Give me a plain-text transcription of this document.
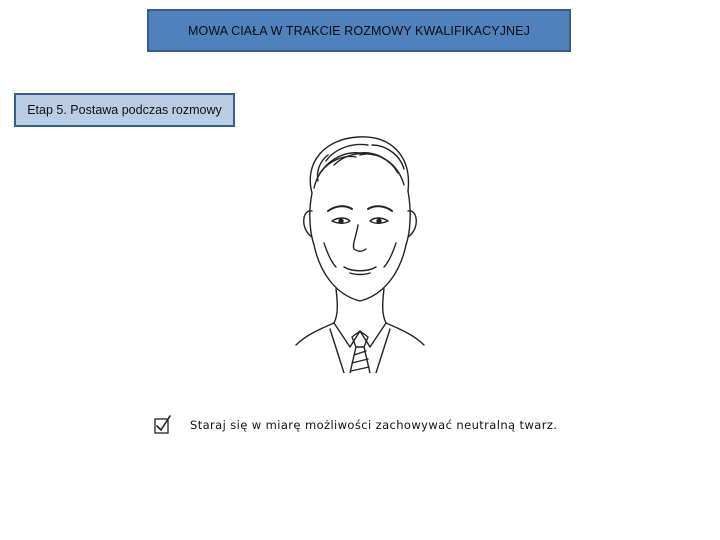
MOWA CIAŁA W TRAKCIE ROZMOWY KWALIFIKACYJNEJ
Etap 5. Postawa podczas rozmowy
Staraj się w miarę możliwości zachowywać neutralną twarz.
